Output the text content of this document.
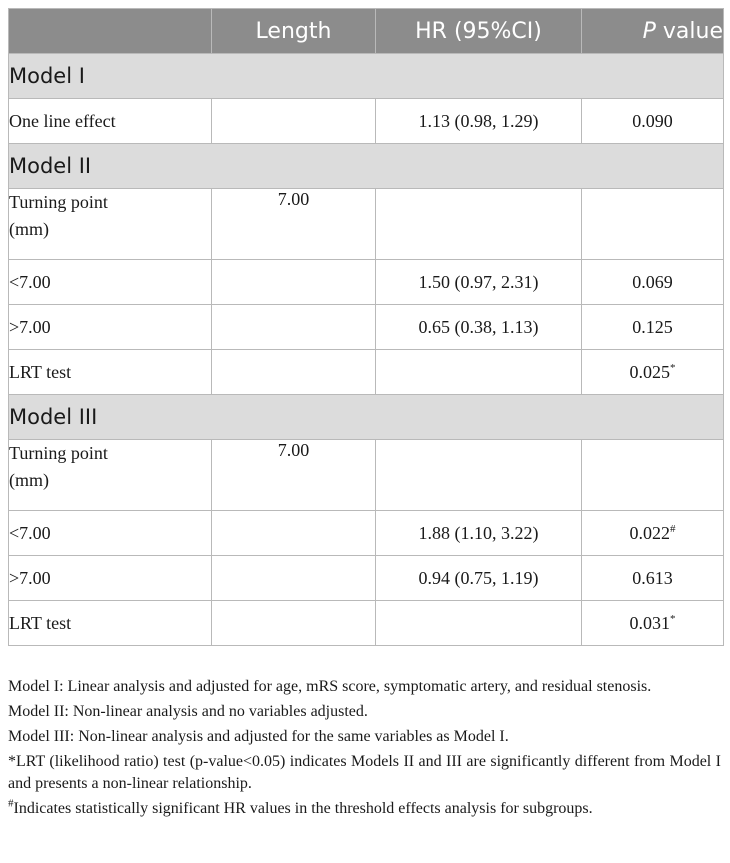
	Length	HR (95%CI)	P value
Model I			
One line effect		1.13 (0.98, 1.29)	0.090
Model II			
Turning point
(mm)	7.00		
<7.00		1.50 (0.97, 2.31)	0.069
>7.00		0.65 (0.38, 1.13)	0.125
LRT test			0.025*
Model III			
Turning point
(mm)	7.00		
<7.00		1.88 (1.10, 3.22)	0.022#
>7.00		0.94 (0.75, 1.19)	0.613
LRT test			0.031*

Model I: Linear analysis and adjusted for age, mRS score, symptomatic artery, and residual stenosis.

Model II: Non-linear analysis and no variables adjusted.

Model III: Non-linear analysis and adjusted for the same variables as Model I.

*LRT (likelihood ratio) test (p-value<0.05) indicates Models II and III are significantly different from Model I and presents a non-linear relationship.

#Indicates statistically significant HR values in the threshold effects analysis for subgroups.
